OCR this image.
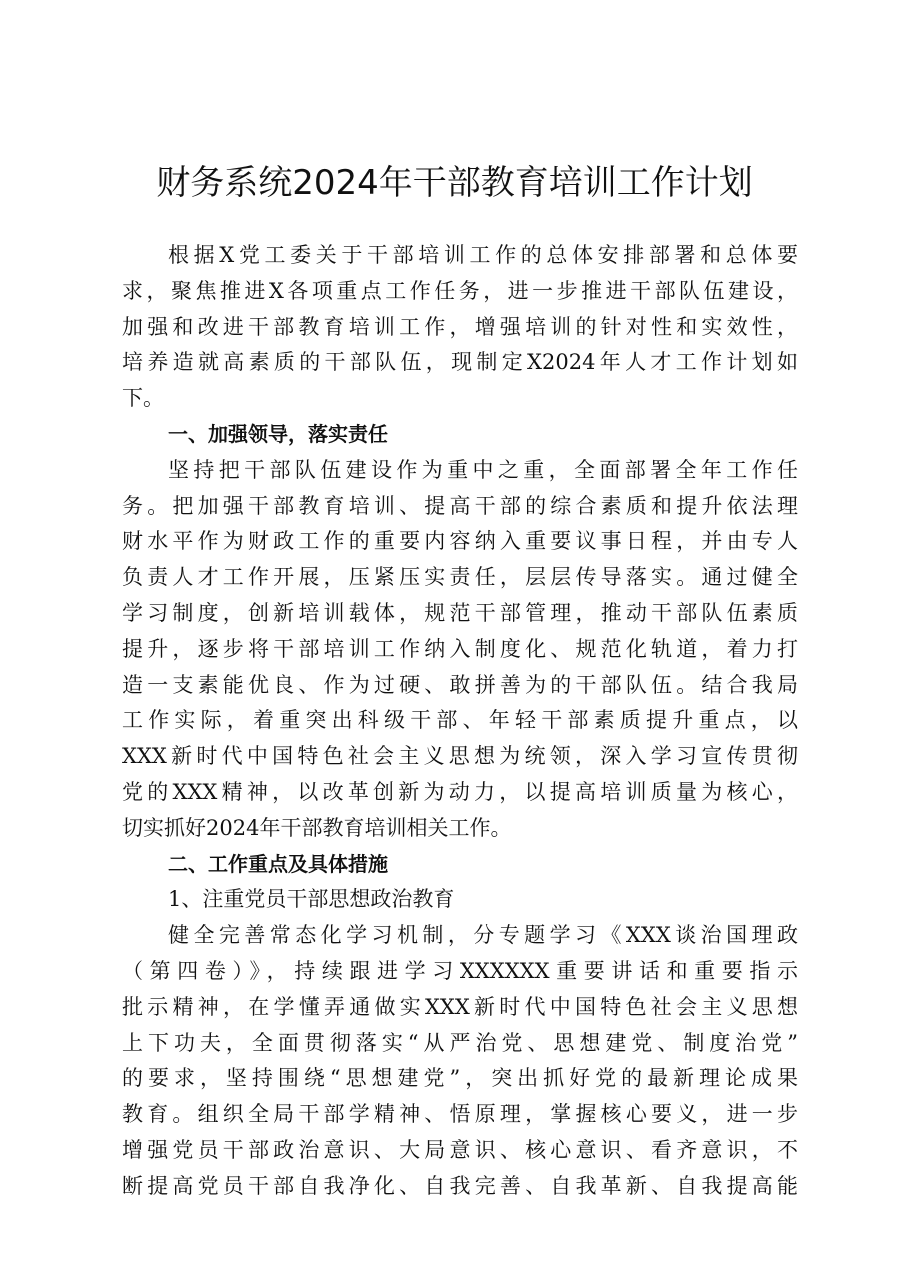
财务系统2024年干部教育培训工作计划
根据X党工委关于干部培训工作的总体安排部署和总体要
求，聚焦推进X各项重点工作任务，进一步推进干部队伍建设，
加强和改进干部教育培训工作，增强培训的针对性和实效性，
培养造就高素质的干部队伍，现制定X2024年人才工作计划如
下。
一、加强领导，落实责任
坚持把干部队伍建设作为重中之重，全面部署全年工作任
务。把加强干部教育培训、提高干部的综合素质和提升依法理
财水平作为财政工作的重要内容纳入重要议事日程，并由专人
负责人才工作开展，压紧压实责任，层层传导落实。通过健全
学习制度，创新培训载体，规范干部管理，推动干部队伍素质
提升，逐步将干部培训工作纳入制度化、规范化轨道，着力打
造一支素能优良、作为过硬、敢拼善为的干部队伍。结合我局
工作实际，着重突出科级干部、年轻干部素质提升重点，以
XXX新时代中国特色社会主义思想为统领，深入学习宣传贯彻
党的XXX精神，以改革创新为动力，以提高培训质量为核心，
切实抓好2024年干部教育培训相关工作。
二、工作重点及具体措施
1、注重党员干部思想政治教育
健全完善常态化学习机制，分专题学习《XXX谈治国理政
（第四卷）》，持续跟进学习XXXXXX重要讲话和重要指示
批示精神，在学懂弄通做实XXX新时代中国特色社会主义思想
上下功夫，全面贯彻落实“从严治党、思想建党、制度治党”
的要求，坚持围绕“思想建党”，突出抓好党的最新理论成果
教育。组织全局干部学精神、悟原理，掌握核心要义，进一步
增强党员干部政治意识、大局意识、核心意识、看齐意识，不
断提高党员干部自我净化、自我完善、自我革新、自我提高能
